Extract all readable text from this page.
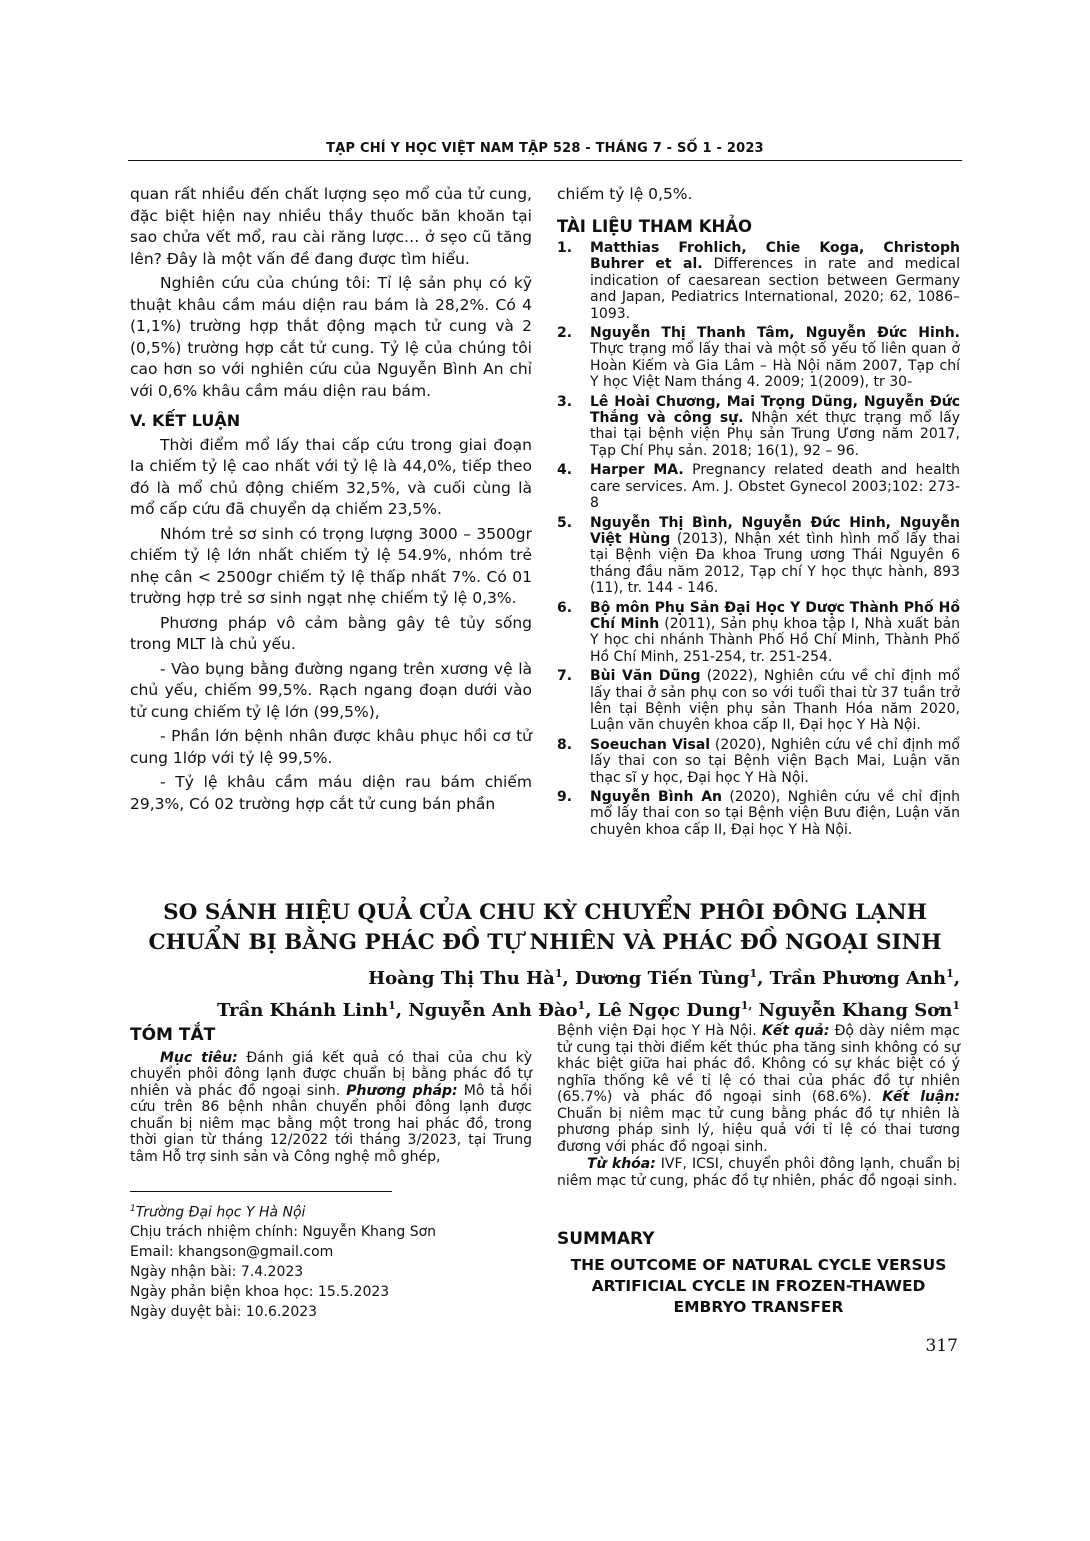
TẠP CHÍ Y HỌC VIỆT NAM TẬP 528 - THÁNG 7 - SỐ 1 - 2023

quan rất nhiều đến chất lượng sẹo mổ của tử cung, đặc biệt hiện nay nhiều thầy thuốc băn khoăn tại sao chửa vết mổ, rau cài răng lược… ở sẹo cũ tăng lên? Đây là một vấn đề đang được tìm hiểu.

Nghiên cứu của chúng tôi: Tỉ lệ sản phụ có kỹ thuật khâu cầm máu diện rau bám là 28,2%. Có 4 (1,1%) trường hợp thắt động mạch tử cung và 2 (0,5%) trường hợp cắt tử cung. Tỷ lệ của chúng tôi cao hơn so với nghiên cứu của Nguyễn Bình An chỉ với 0,6% khâu cầm máu diện rau bám.

V. KẾT LUẬN

Thời điểm mổ lấy thai cấp cứu trong giai đoạn Ia chiếm tỷ lệ cao nhất với tỷ lệ là 44,0%, tiếp theo đó là mổ chủ động chiếm 32,5%, và cuối cùng là mổ cấp cứu đã chuyển dạ chiếm 23,5%.

Nhóm trẻ sơ sinh có trọng lượng 3000 – 3500gr chiếm tỷ lệ lớn nhất chiếm tỷ lệ 54.9%, nhóm trẻ nhẹ cân < 2500gr chiếm tỷ lệ thấp nhất 7%. Có 01 trường hợp trẻ sơ sinh ngạt nhẹ chiếm tỷ lệ 0,3%.

Phương pháp vô cảm bằng gây tê tủy sống trong MLT là chủ yếu.

- Vào bụng bằng đường ngang trên xương vệ là chủ yếu, chiếm 99,5%. Rạch ngang đoạn dưới vào tử cung chiếm tỷ lệ lớn (99,5%),

- Phần lớn bệnh nhân được khâu phục hồi cơ tử cung 1lớp với tỷ lệ 99,5%.

- Tỷ lệ khâu cầm máu diện rau bám chiếm 29,3%, Có 02 trường hợp cắt tử cung bán phần

chiếm tỷ lệ 0,5%.
TÀI LIỆU THAM KHẢO
1. Matthias Frohlich, Chie Koga, Christoph Buhrer et al. Differences in rate and medical indication of caesarean section between Germany and Japan, Pediatrics International, 2020; 62, 1086–1093.
2. Nguyễn Thị Thanh Tâm, Nguyễn Đức Hinh. Thực trạng mổ lấy thai và một số yếu tố liên quan ở Hoàn Kiếm và Gia Lâm – Hà Nội năm 2007, Tạp chí Y học Việt Nam tháng 4. 2009; 1(2009), tr 30-
3. Lê Hoài Chương, Mai Trọng Dũng, Nguyễn Đức Thắng và công sự. Nhận xét thực trạng mổ lấy thai tại bệnh viện Phụ sản Trung Ương năm 2017, Tạp Chí Phụ sản. 2018; 16(1), 92 – 96.
4. Harper MA. Pregnancy related death and health care services. Am. J. Obstet Gynecol 2003;102: 273-8
5. Nguyễn Thị Bình, Nguyễn Đức Hinh, Nguyễn Việt Hùng (2013), Nhận xét tình hình mổ lấy thai tại Bệnh viện Đa khoa Trung ương Thái Nguyên 6 tháng đầu năm 2012, Tạp chí Y học thực hành, 893 (11), tr. 144 - 146.
6. Bộ môn Phụ Sản Đại Học Y Dược Thành Phố Hồ Chí Minh (2011), Sản phụ khoa tập I, Nhà xuất bản Y học chi nhánh Thành Phố Hồ Chí Minh, Thành Phố Hồ Chí Minh, 251-254, tr. 251-254.
7. Bùi Văn Dũng (2022), Nghiên cứu về chỉ định mổ lấy thai ở sản phụ con so với tuổi thai từ 37 tuần trở lên tại Bệnh viện phụ sản Thanh Hóa năm 2020, Luận văn chuyên khoa cấp II, Đại học Y Hà Nội.
8. Soeuchan Visal (2020), Nghiên cứu về chỉ định mổ lấy thai con so tại Bệnh viện Bạch Mai, Luận văn thạc sĩ y học, Đại học Y Hà Nội.
9. Nguyễn Bình An (2020), Nghiên cứu về chỉ định mổ lấy thai con so tại Bệnh viện Bưu điện, Luận văn chuyên khoa cấp II, Đại học Y Hà Nội.
SO SÁNH HIỆU QUẢ CỦA CHU KỲ CHUYỂN PHÔI ĐÔNG LẠNH
CHUẨN BỊ BẰNG PHÁC ĐỒ TỰ NHIÊN VÀ PHÁC ĐỒ NGOẠI SINH
Hoàng Thị Thu $Hà^1$, Dương Tiến Tùng$^1$, Trần Phương Anh$^1$,
Trần Khánh Linh$^1$, Nguyễn Anh Đào$^1$, Lê Ngọc Dung$^{1,}$ Nguyễn Khang Sơn$^1$
TÓM TẮT

Mục tiêu: Đánh giá kết quả có thai của chu kỳ chuyển phôi đông lạnh được chuẩn bị bằng phác đồ tự nhiên và phác đồ ngoại sinh. Phương pháp: Mô tả hồi cứu trên 86 bệnh nhân chuyển phôi đông lạnh được chuẩn bị niêm mạc bằng một trong hai phác đồ, trong thời gian từ tháng 12/2022 tới tháng 3/2023, tại Trung tâm Hỗ trợ sinh sản và Công nghệ mô ghép,

$^1$Trường Đại học Y Hà Nội
Chịu trách nhiệm chính: Nguyễn Khang Sơn
Email: khangson@gmail.com
Ngày nhận bài: 7.4.2023
Ngày phản biện khoa học: 15.5.2023
Ngày duyệt bài: 10.6.2023

Bệnh viện Đại học Y Hà Nội. Kết quả: Độ dày niêm mạc tử cung tại thời điểm kết thúc pha tăng sinh không có sự khác biệt giữa hai phác đồ. Không có sự khác biệt có ý nghĩa thống kê về tỉ lệ có thai của phác đồ tự nhiên (65.7%) và phác đồ ngoại sinh (68.6%). Kết luận: Chuẩn bị niêm mạc tử cung bằng phác đồ tự nhiên là phương pháp sinh lý, hiệu quả với tỉ lệ có thai tương đương với phác đồ ngoại sinh.

Từ khóa: IVF, ICSI, chuyển phôi đông lạnh, chuẩn bị niêm mạc tử cung, phác đồ tự nhiên, phác đồ ngoại sinh.

SUMMARY
THE OUTCOME OF NATURAL CYCLE VERSUS
ARTIFICIAL CYCLE IN FROZEN-THAWED
EMBRYO TRANSFER
317
